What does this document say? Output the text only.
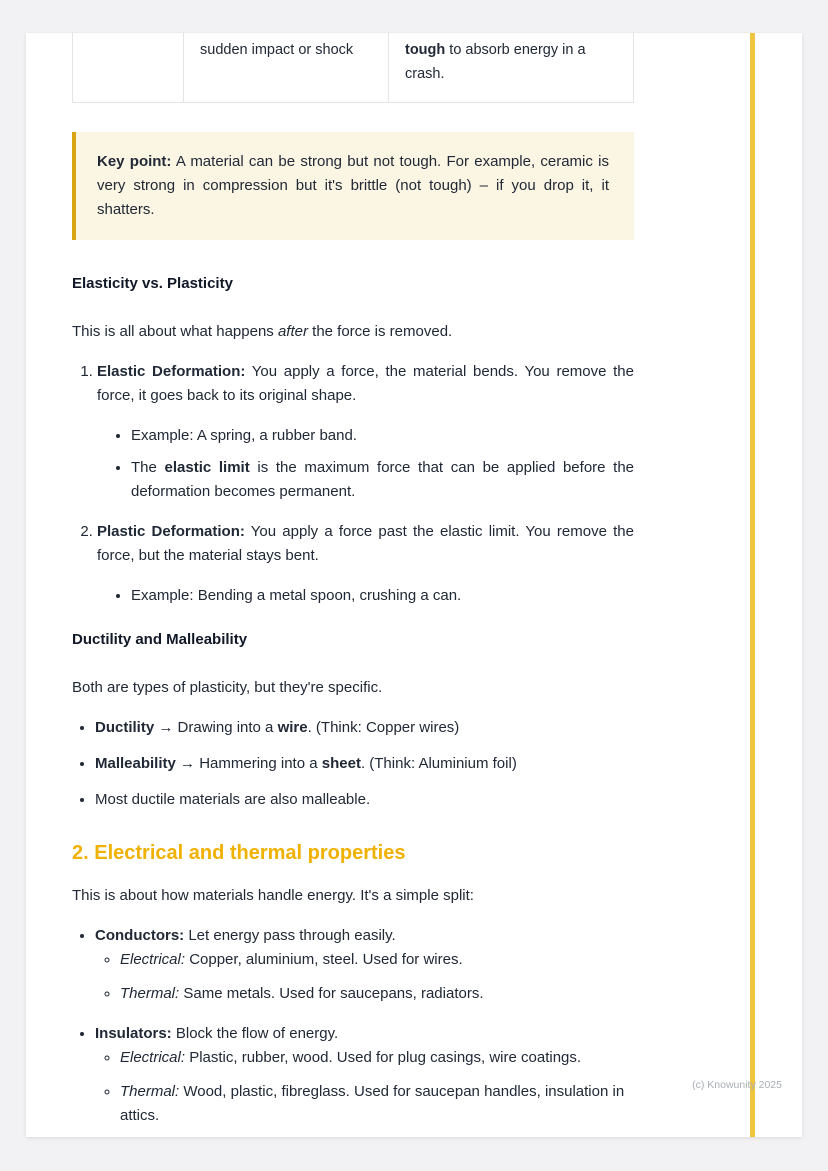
sudden impact or shock	tough to absorb energy in a crash.
Key point: A material can be strong but not tough. For example, ceramic is very strong in compression but it's brittle (not tough) – if you drop it, it shatters.
Elasticity vs. Plasticity

This is all about what happens after the force is removed.

1. Elastic Deformation: You apply a force, the material bends. You remove the force, it goes back to its original shape.

• Example: A spring, a rubber band.
• The elastic limit is the maximum force that can be applied before the deformation becomes permanent.

2. Plastic Deformation: You apply a force past the elastic limit. You remove the force, but the material stays bent.

• Example: Bending a metal spoon, crushing a can.
Ductility and Malleability

Both are types of plasticity, but they're specific.

• Ductility → Drawing into a wire. (Think: Copper wires)
• Malleability → Hammering into a sheet. (Think: Aluminium foil)
• Most ductile materials are also malleable.
2. Electrical and thermal properties

This is about how materials handle energy. It's a simple split:

• Conductors: Let energy pass through easily.
◦ Electrical: Copper, aluminium, steel. Used for wires.
◦ Thermal: Same metals. Used for saucepans, radiators.
• Insulators: Block the flow of energy.
◦ Electrical: Plastic, rubber, wood. Used for plug casings, wire coatings.
◦ Thermal: Wood, plastic, fibreglass. Used for saucepan handles, insulation in attics.
(c) Knowunity 2025
